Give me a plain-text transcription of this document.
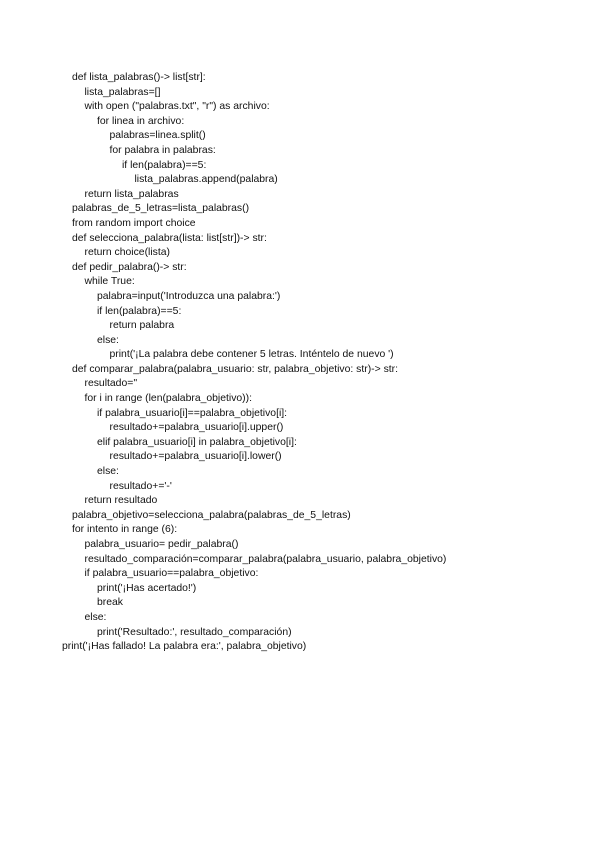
def lista_palabras()-> list[str]:
lista_palabras=[]
with open ("palabras.txt", "r") as archivo:
for linea in archivo:
palabras=linea.split()
for palabra in palabras:
if len(palabra)==5:
lista_palabras.append(palabra)
return lista_palabras
palabras_de_5_letras=lista_palabras()
from random import choice
def selecciona_palabra(lista: list[str])-> str:
return choice(lista)
def pedir_palabra()-> str:
while True:
palabra=input('Introduzca una palabra:')
if len(palabra)==5:
return palabra
else:
print('¡La palabra debe contener 5 letras. Inténtelo de nuevo ')
def comparar_palabra(palabra_usuario: str, palabra_objetivo: str)-> str:
resultado=''
for i in range (len(palabra_objetivo)):
if palabra_usuario[i]==palabra_objetivo[i]:
resultado+=palabra_usuario[i].upper()
elif palabra_usuario[i] in palabra_objetivo[i]:
resultado+=palabra_usuario[i].lower()
else:
resultado+='-'
return resultado
palabra_objetivo=selecciona_palabra(palabras_de_5_letras)
for intento in range (6):
palabra_usuario= pedir_palabra()
resultado_comparación=comparar_palabra(palabra_usuario, palabra_objetivo)
if palabra_usuario==palabra_objetivo:
print('¡Has acertado!')
break
else:
print('Resultado:', resultado_comparación)
print('¡Has fallado! La palabra era:', palabra_objetivo)
